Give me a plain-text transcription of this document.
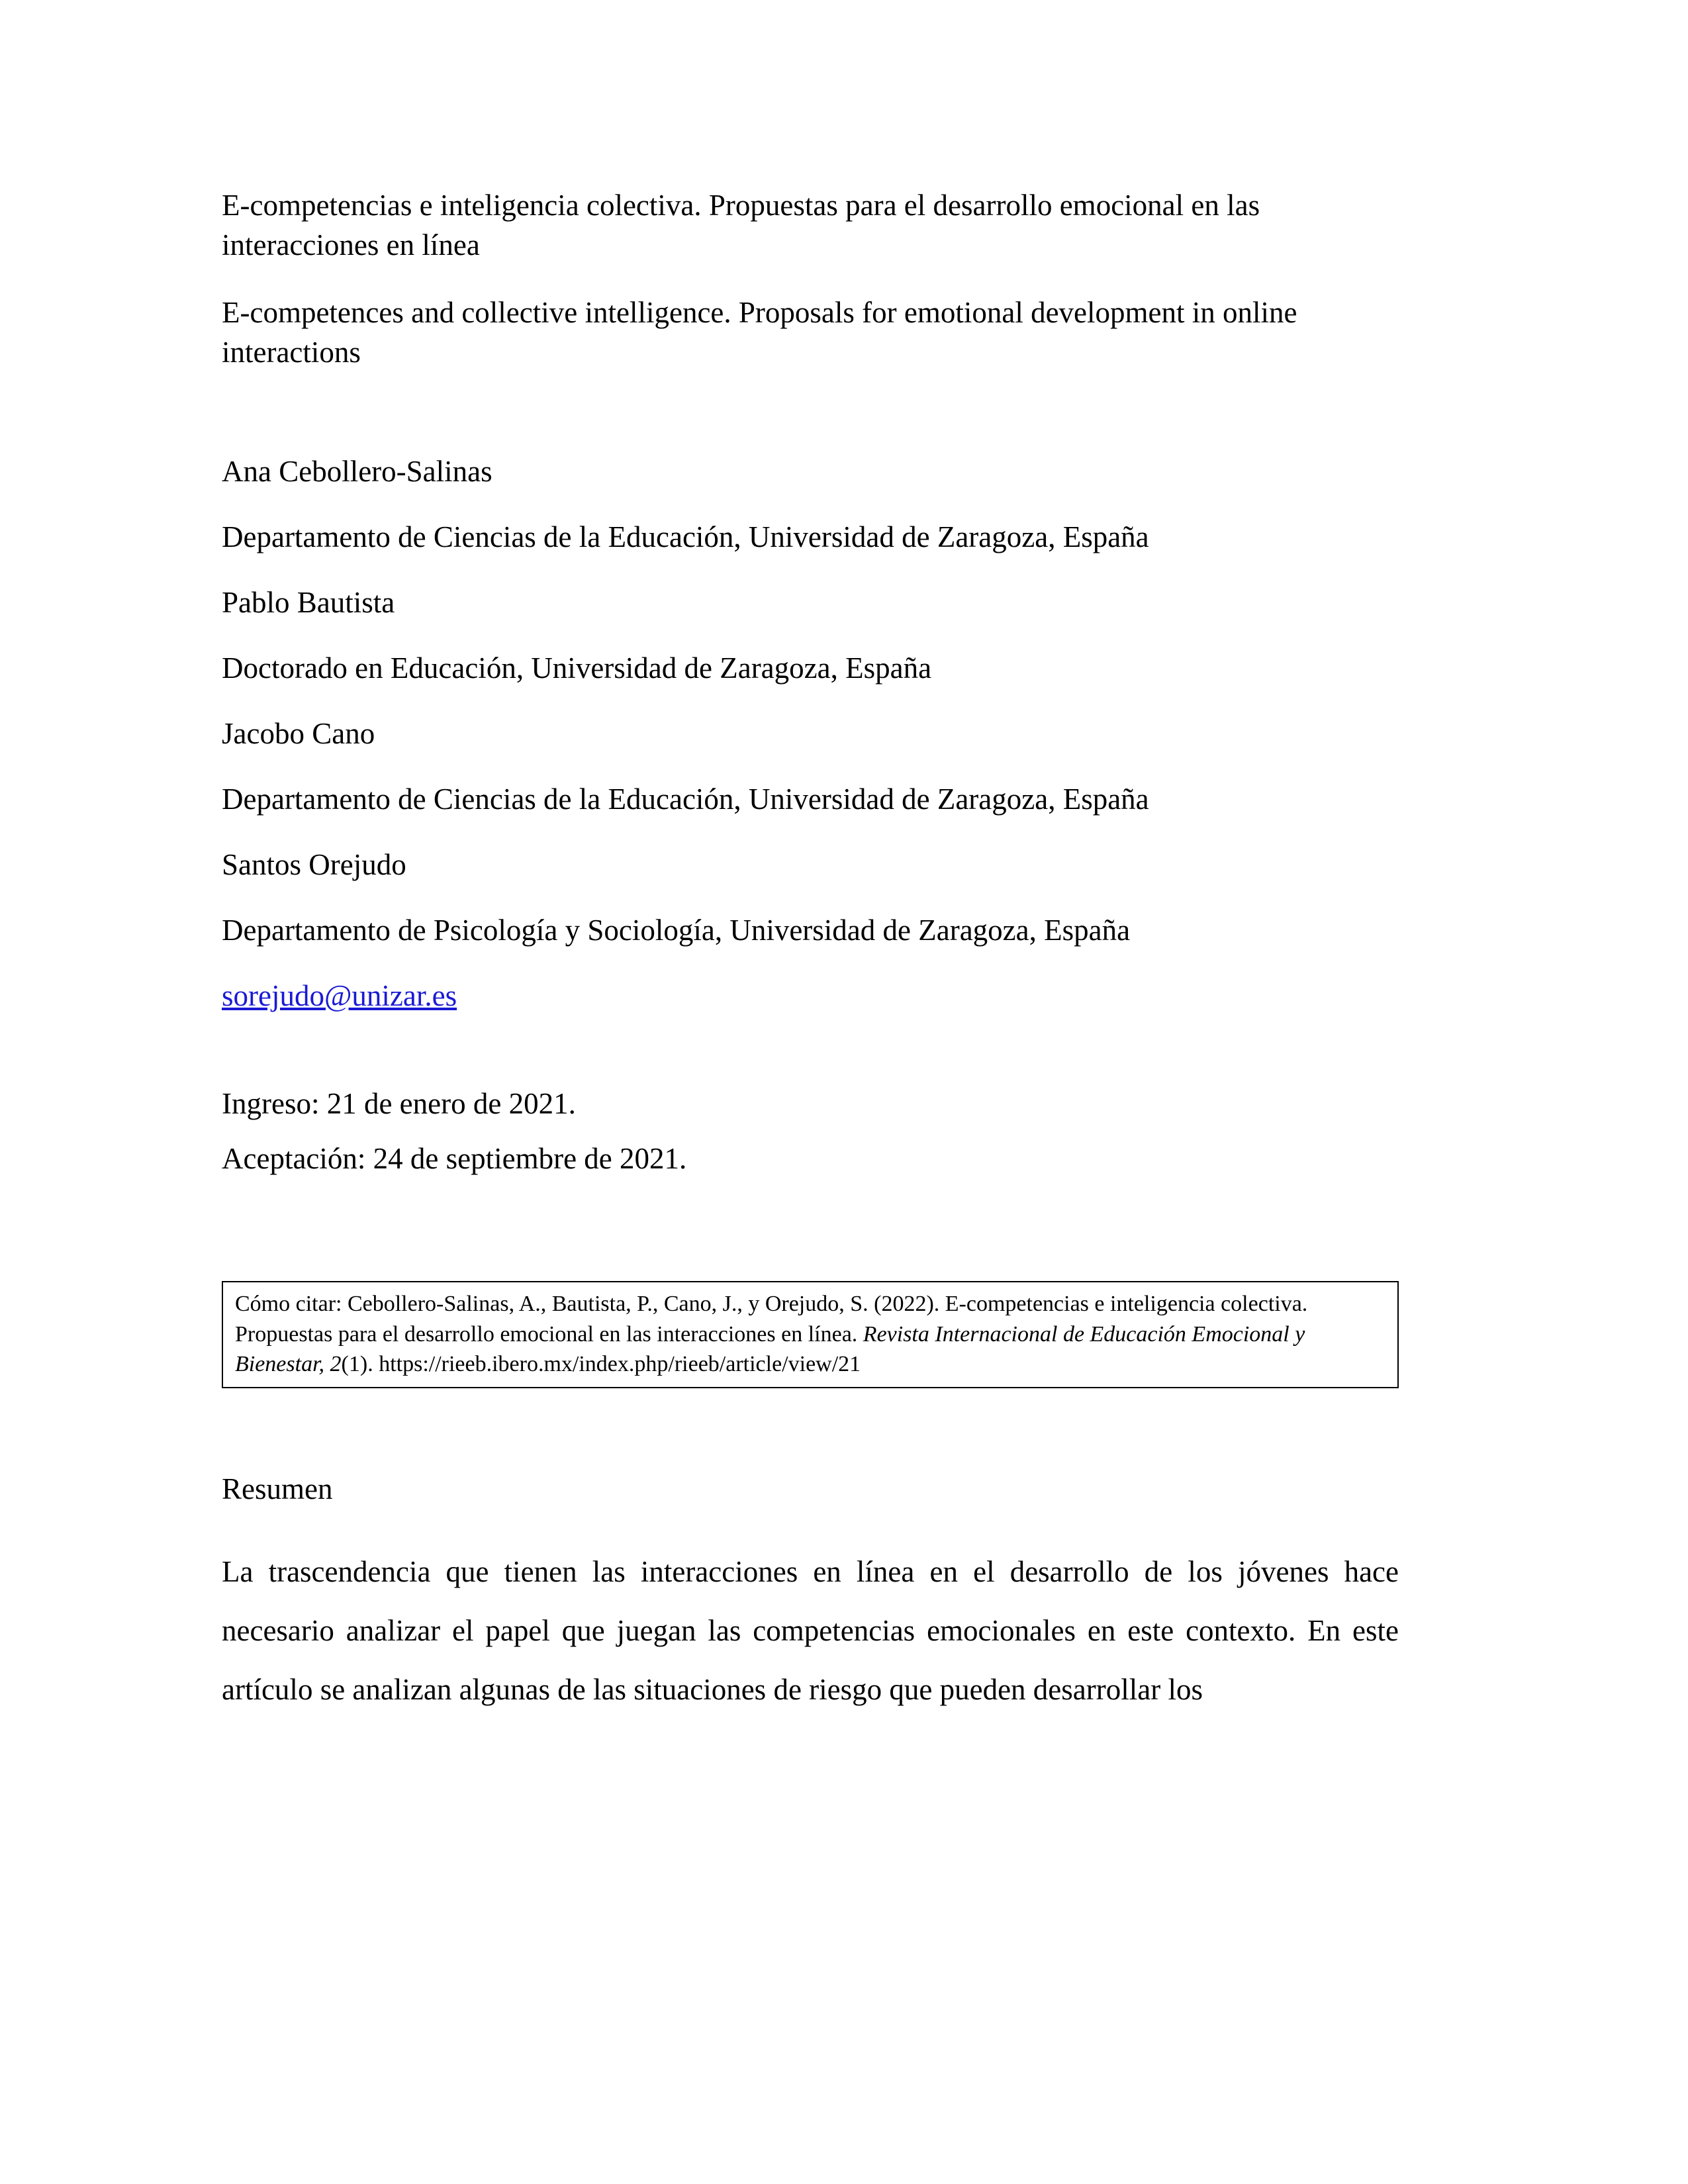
E-competencias e inteligencia colectiva. Propuestas para el desarrollo emocional en las interacciones en línea
E-competences and collective intelligence. Proposals for emotional development in online interactions
Ana Cebollero-Salinas
Departamento de Ciencias de la Educación, Universidad de Zaragoza, España
Pablo Bautista
Doctorado en Educación, Universidad de Zaragoza, España
Jacobo Cano
Departamento de Ciencias de la Educación, Universidad de Zaragoza, España
Santos Orejudo
Departamento de Psicología y Sociología, Universidad de Zaragoza, España
sorejudo@unizar.es
Ingreso: 21 de enero de 2021.
Aceptación: 24 de septiembre de 2021.
Cómo citar: Cebollero-Salinas, A., Bautista, P., Cano, J., y Orejudo, S. (2022). E-competencias e inteligencia colectiva. Propuestas para el desarrollo emocional en las interacciones en línea. Revista Internacional de Educación Emocional y Bienestar, 2(1). https://rieeb.ibero.mx/index.php/rieeb/article/view/21
Resumen
La trascendencia que tienen las interacciones en línea en el desarrollo de los jóvenes hace necesario analizar el papel que juegan las competencias emocionales en este contexto. En este artículo se analizan algunas de las situaciones de riesgo que pueden desarrollar los
